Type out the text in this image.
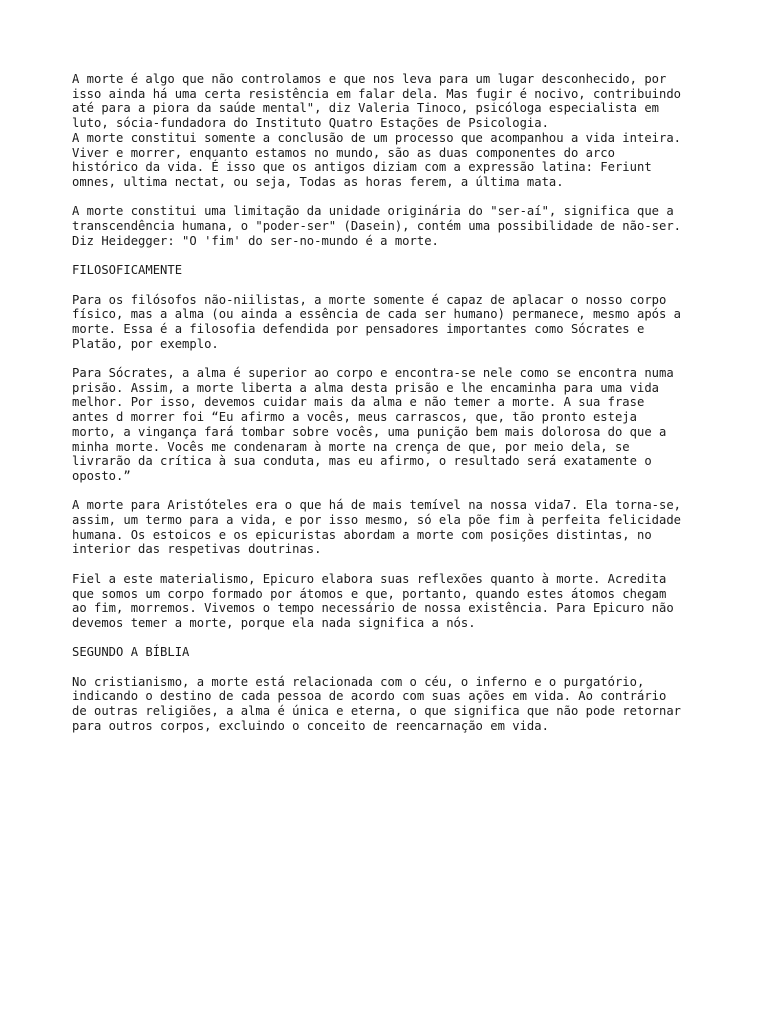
A morte é algo que não controlamos e que nos leva para um lugar desconhecido, por

isso ainda há uma certa resistência em falar dela. Mas fugir é nocivo, contribuindo

até para a piora da saúde mental", diz Valeria Tinoco, psicóloga especialista em

luto, sócia-fundadora do Instituto Quatro Estações de Psicologia.

A morte constitui somente a conclusão de um processo que acompanhou a vida inteira.

Viver e morrer, enquanto estamos no mundo, são as duas componentes do arco

histórico da vida. É isso que os antigos diziam com a expressão latina: Feriunt

omnes, ultima nectat, ou seja, Todas as horas ferem, a última mata.

A morte constitui uma limitação da unidade originária do "ser-aí", significa que a

transcendência humana, o "poder-ser" (Dasein), contém uma possibilidade de não-ser.

Diz Heidegger: "O 'fim' do ser-no-mundo é a morte.

FILOSOFICAMENTE

Para os filósofos não-niilistas, a morte somente é capaz de aplacar o nosso corpo

físico, mas a alma (ou ainda a essência de cada ser humano) permanece, mesmo após a

morte. Essa é a filosofia defendida por pensadores importantes como Sócrates e

Platão, por exemplo.

Para Sócrates, a alma é superior ao corpo e encontra-se nele como se encontra numa

prisão. Assim, a morte liberta a alma desta prisão e lhe encaminha para uma vida

melhor. Por isso, devemos cuidar mais da alma e não temer a morte. A sua frase

antes d morrer foi “Eu afirmo a vocês, meus carrascos, que, tão pronto esteja

morto, a vingança fará tombar sobre vocês, uma punição bem mais dolorosa do que a

minha morte. Vocês me condenaram à morte na crença de que, por meio dela, se

livrarão da crítica à sua conduta, mas eu afirmo, o resultado será exatamente o

oposto.”

A morte para Aristóteles era o que há de mais temível na nossa vida7. Ela torna-se,

assim, um termo para a vida, e por isso mesmo, só ela põe fim à perfeita felicidade

humana. Os estoicos e os epicuristas abordam a morte com posições distintas, no

interior das respetivas doutrinas.

Fiel a este materialismo, Epicuro elabora suas reflexões quanto à morte. Acredita

que somos um corpo formado por átomos e que, portanto, quando estes átomos chegam

ao fim, morremos. Vivemos o tempo necessário de nossa existência. Para Epicuro não

devemos temer a morte, porque ela nada significa a nós.

SEGUNDO A BÍBLIA

No cristianismo, a morte está relacionada com o céu, o inferno e o purgatório,

indicando o destino de cada pessoa de acordo com suas ações em vida. Ao contrário

de outras religiões, a alma é única e eterna, o que significa que não pode retornar

para outros corpos, excluindo o conceito de reencarnação em vida.
